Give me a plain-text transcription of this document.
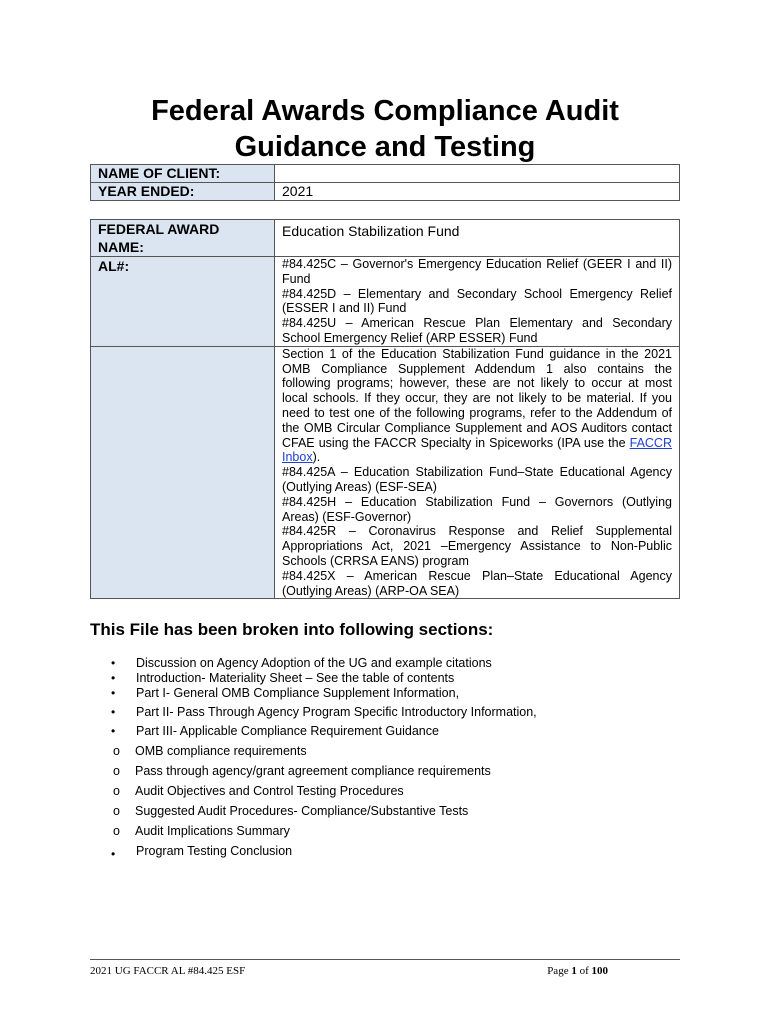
Federal Awards Compliance Audit
Guidance and Testing
NAME OF CLIENT:	
YEAR ENDED:	2021
FEDERAL AWARD
NAME:	Education Stabilization Fund
AL#:	#84.425C – Governor's Emergency Education Relief (GEER I and II) Fund

#84.425D – Elementary and Secondary School Emergency Relief (ESSER I and II) Fund

#84.425U – American Rescue Plan Elementary and Secondary School Emergency Relief (ARP ESSER) Fund

	Section 1 of the Education Stabilization Fund guidance in the 2021 OMB Compliance Supplement Addendum 1 also contains the following programs; however, these are not likely to occur at most local schools. If they occur, they are not likely to be material. If you need to test one of the following programs, refer to the Addendum of the OMB Circular Compliance Supplement and AOS Auditors contact CFAE using the FACCR Specialty in Spiceworks (IPA use the FACCR Inbox).

#84.425A – Education Stabilization Fund–State Educational Agency (Outlying Areas) (ESF-SEA)

#84.425H – Education Stabilization Fund – Governors (Outlying Areas) (ESF-Governor)

#84.425R – Coronavirus Response and Relief Supplemental Appropriations Act, 2021 –Emergency Assistance to Non-Public Schools (CRRSA EANS) program

#84.425X – American Rescue Plan–State Educational Agency (Outlying Areas) (ARP-OA SEA)

This File has been broken into following sections:
• Discussion on Agency Adoption of the UG and example citations
• Introduction- Materiality Sheet – See the table of contents
• Part I- General OMB Compliance Supplement Information,
• Part II- Pass Through Agency Program Specific Introductory Information,
• Part III- Applicable Compliance Requirement Guidance
o OMB compliance requirements
o Pass through agency/grant agreement compliance requirements
o Audit Objectives and Control Testing Procedures
o Suggested Audit Procedures- Compliance/Substantive Tests
o Audit Implications Summary
• Program Testing Conclusion
2021 UG FACCR AL #84.425 ESF	Page 1 of 100
